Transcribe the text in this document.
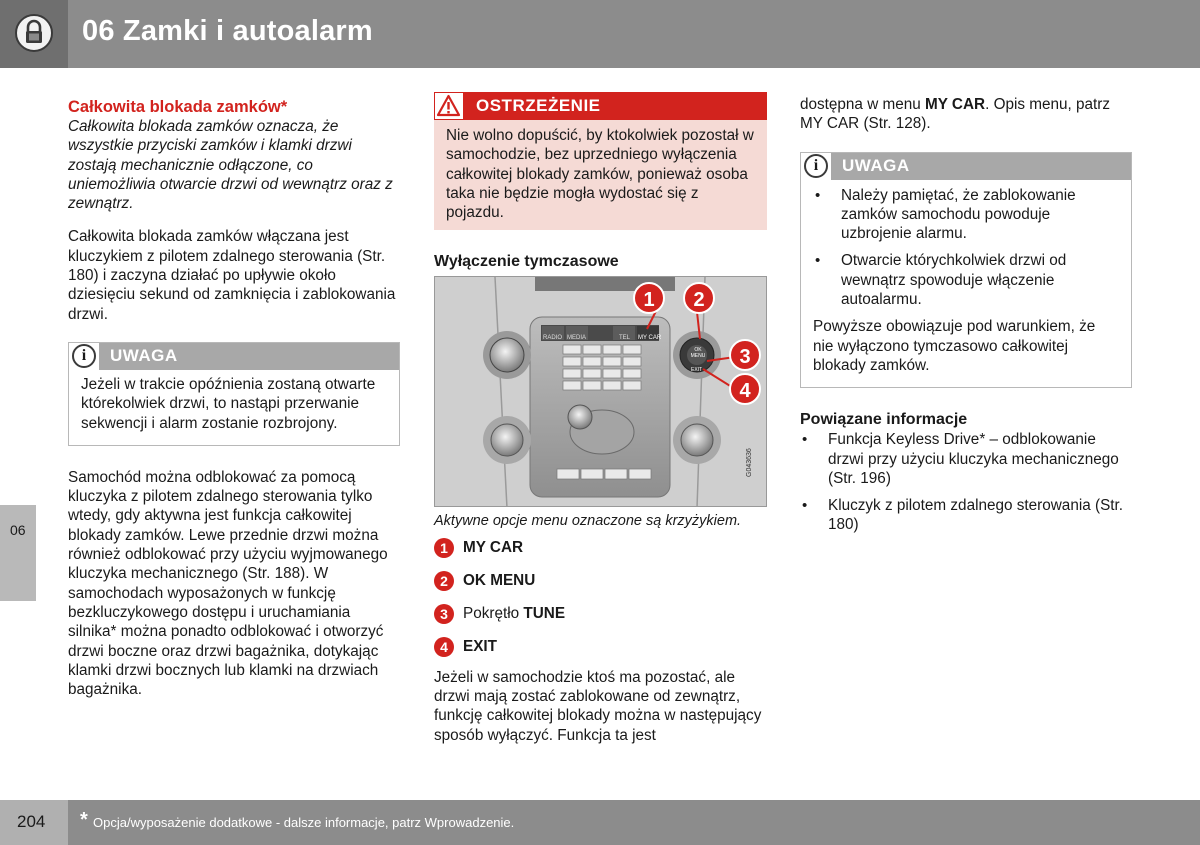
06 Zamki i autoalarm
06
Całkowita blokada zamków*

Całkowita blokada zamków oznacza, że wszystkie przyciski zamków i klamki drzwi zostają mechanicznie odłączone, co uniemożliwia otwarcie drzwi od wewnątrz oraz z zewnątrz.

Całkowita blokada zamków włączana jest kluczykiem z pilotem zdalnego sterowania (Str. 180) i zaczyna działać po upływie około dziesięciu sekund od zamknięcia i zablokowania drzwi.

i	UWAGA

Jeżeli w trakcie opóźnienia zostaną otwarte którekolwiek drzwi, to nastąpi przerwanie sekwencji i alarm zostanie rozbrojony.

Samochód można odblokować za pomocą kluczyka z pilotem zdalnego sterowania tylko wtedy, gdy aktywna jest funkcja całkowitej blokady zamków. Lewe przednie drzwi można również odblokować przy użyciu wyjmowanego kluczyka mechanicznego (Str. 188). W samochodach wyposażonych w funkcję bezkluczykowego dostępu i uruchamiania silnika* można ponadto odblokować i otworzyć drzwi boczne oraz drzwi bagażnika, dotykając klamki drzwi bocznych lub klamki na drzwiach bagażnika.

OSTRZEŻENIE

Nie wolno dopuścić, by ktokolwiek pozostał w samochodzie, bez uprzedniego wyłączenia całkowitej blokady zamków, ponieważ osoba taka nie będzie mogła wydostać się z pojazdu.

Wyłączenie tymczasowe
RADIO MEDIA	TEL MY CAR
OK MENU
EXIT
G043636
1	2
3
4
Aktywne opcje menu oznaczone są krzyżykiem.
1 MY CAR
2 OK MENU
3 Pokrętło TUNE
4 EXIT

Jeżeli w samochodzie ktoś ma pozostać, ale drzwi mają zostać zablokowane od zewnątrz, funkcję całkowitej blokady można w następujący sposób wyłączyć. Funkcja ta jest

dostępna w menu MY CAR. Opis menu, patrz MY CAR (Str. 128).

i	UWAGA
• Należy pamiętać, że zablokowanie zamków samochodu powoduje uzbrojenie alarmu.
• Otwarcie którychkolwiek drzwi od wewnątrz spowoduje włączenie autoalarmu.

Powyższe obowiązuje pod warunkiem, że nie wyłączono tymczasowo całkowitej blokady zamków.

Powiązane informacje
• Funkcja Keyless Drive* – odblokowanie drzwi przy użyciu kluczyka mechanicznego (Str. 196)
• Kluczyk z pilotem zdalnego sterowania (Str. 180)
204	* Opcja/wyposażenie dodatkowe - dalsze informacje, patrz Wprowadzenie.
